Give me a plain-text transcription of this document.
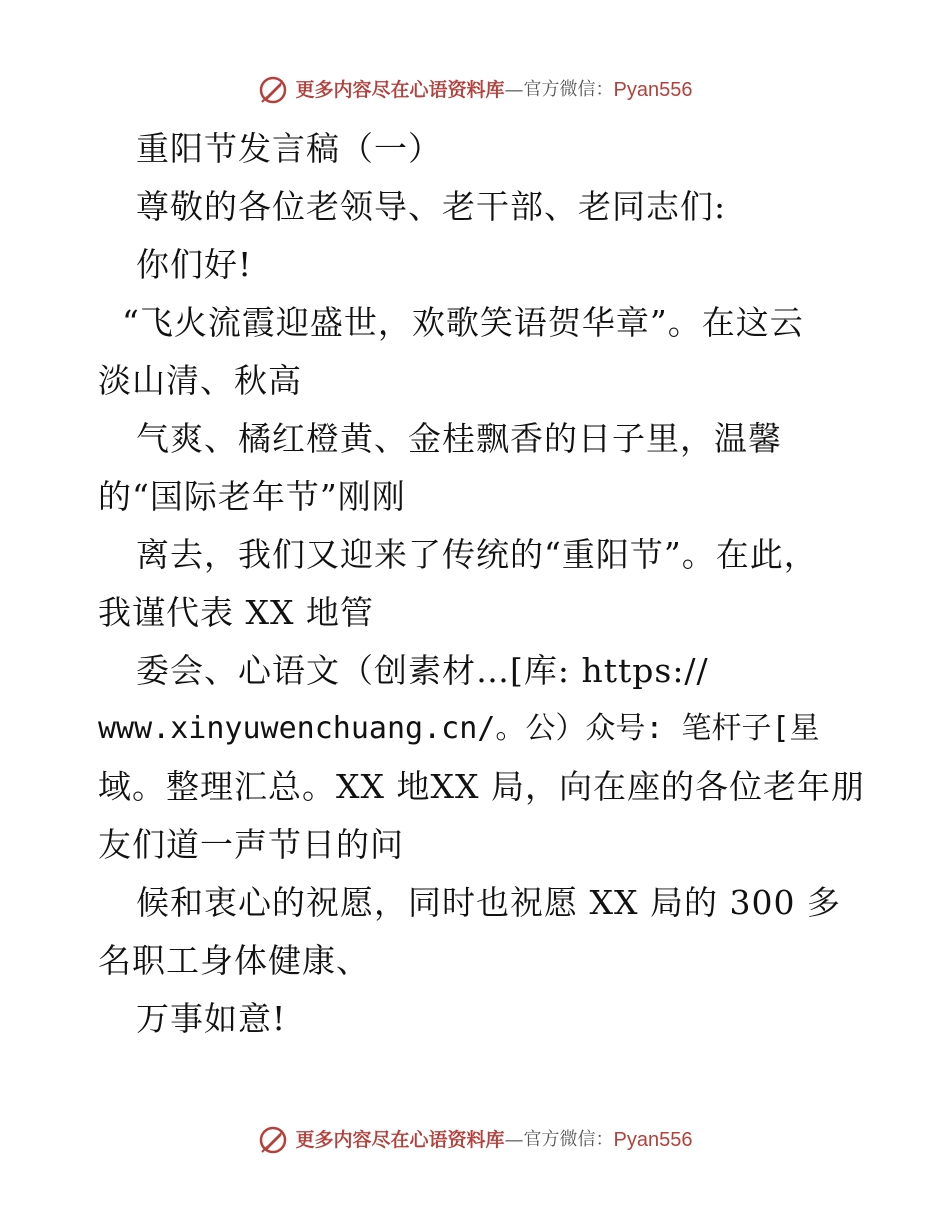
更多内容尽在心语资料库 — 官方微信： Pyan556
重阳节发言稿（一）
尊敬的各位老领导、老干部、老同志们:
你们好!
“飞火流霞迎盛世，欢歌笑语贺华章”。在这云
淡山清、秋高
气爽、橘红橙黄、金桂飘香的日子里，温馨
的“国际老年节”刚刚
离去，我们又迎来了传统的“重阳节”。在此，
我谨代表 XX 地管
委会、心语文（创素材…[库: https://
www.xinyuwenchuang.cn/。公）众号: 笔杆子[星
域。整理汇总。XX 地XX 局，向在座的各位老年朋
友们道一声节日的问
候和衷心的祝愿，同时也祝愿 XX 局的 300 多
名职工身体健康、
万事如意!
更多内容尽在心语资料库 — 官方微信： Pyan556
